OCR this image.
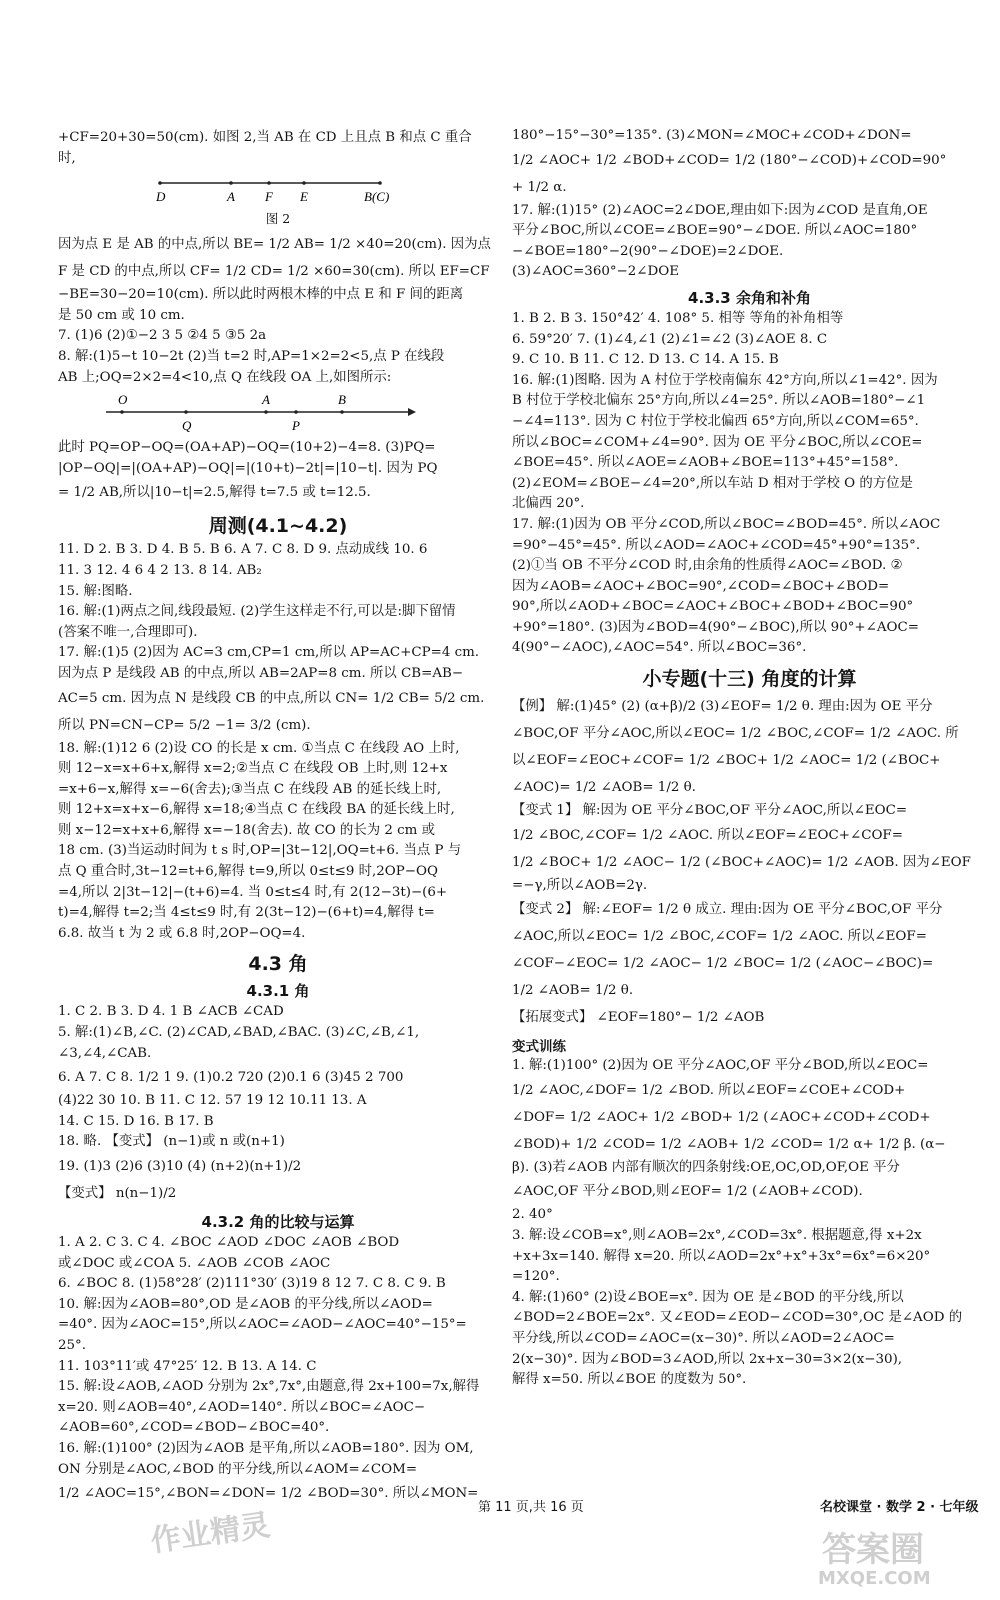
+CF=20+30=50(cm). 如图 2,当 AB 在 CD 上且点 B 和点 C 重合
时,
D	A F E	B(C)
图 2
因为点 E 是 AB 的中点,所以 BE= 1/2 AB= 1/2 ×40=20(cm). 因为点
F 是 CD 的中点,所以 CF= 1/2 CD= 1/2 ×60=30(cm). 所以 EF=CF
−BE=30−20=10(cm). 所以此时两根木棒的中点 E 和 F 间的距离
是 50 cm 或 10 cm.
7. (1)6 (2)①−2 3 5 ②4 5 ③5 2a
8. 解:(1)5−t 10−2t (2)当 t=2 时,AP=1×2=2<5,点 P 在线段
AB 上;OQ=2×2=4<10,点 Q 在线段 OA 上,如图所示:
O	A	B
Q	P
此时 PQ=OP−OQ=(OA+AP)−OQ=(10+2)−4=8. (3)PQ=
|OP−OQ|=|(OA+AP)−OQ|=|(10+t)−2t|=|10−t|. 因为 PQ
= 1/2 AB,所以|10−t|=2.5,解得 t=7.5 或 t=12.5.
周测(4.1~4.2)
11. D 2. B 3. D 4. B 5. B 6. A 7. C 8. D 9. 点动成线 10. 6
11. 3 12. 4 6 4 2 13. 8 14. AB₂
15. 解:图略.
16. 解:(1)两点之间,线段最短. (2)学生这样走不行,可以是:脚下留情
(答案不唯一,合理即可).
17. 解:(1)5 (2)因为 AC=3 cm,CP=1 cm,所以 AP=AC+CP=4 cm.
因为点 P 是线段 AB 的中点,所以 AB=2AP=8 cm. 所以 CB=AB−
AC=5 cm. 因为点 N 是线段 CB 的中点,所以 CN= 1/2 CB= 5/2 cm.
所以 PN=CN−CP= 5/2 −1= 3/2 (cm).
18. 解:(1)12 6 (2)设 CO 的长是 x cm. ①当点 C 在线段 AO 上时,
则 12−x=x+6+x,解得 x=2;②当点 C 在线段 OB 上时,则 12+x
=x+6−x,解得 x=−6(舍去);③当点 C 在线段 AB 的延长线上时,
则 12+x=x+x−6,解得 x=18;④当点 C 在线段 BA 的延长线上时,
则 x−12=x+x+6,解得 x=−18(舍去). 故 CO 的长为 2 cm 或
18 cm. (3)当运动时间为 t s 时,OP=|3t−12|,OQ=t+6. 当点 P 与
点 Q 重合时,3t−12=t+6,解得 t=9,所以 0≤t≤9 时,2OP−OQ
=4,所以 2|3t−12|−(t+6)=4. 当 0≤t≤4 时,有 2(12−3t)−(6+
t)=4,解得 t=2;当 4≤t≤9 时,有 2(3t−12)−(6+t)=4,解得 t=
6.8. 故当 t 为 2 或 6.8 时,2OP−OQ=4.
4.3 角
4.3.1 角
1. C 2. B 3. D 4. 1 B ∠ACB ∠CAD
5. 解:(1)∠B,∠C. (2)∠CAD,∠BAD,∠BAC. (3)∠C,∠B,∠1,
∠3,∠4,∠CAB.
6. A 7. C 8. 1/2 1 9. (1)0.2 720 (2)0.1 6 (3)45 2 700
(4)22 30 10. B 11. C 12. 57 19 12 10.11 13. A
14. C 15. D 16. B 17. B
18. 略. 【变式】 (n−1)或 n 或(n+1)
19. (1)3 (2)6 (3)10 (4) (n+2)(n+1)/2
【变式】 n(n−1)/2
4.3.2 角的比较与运算
1. A 2. C 3. C 4. ∠BOC ∠AOD ∠DOC ∠AOB ∠BOD
或∠DOC 或∠COA 5. ∠AOB ∠COB ∠AOC
6. ∠BOC 8. (1)58°28′ (2)111°30′ (3)19 8 12 7. C 8. C 9. B
10. 解:因为∠AOB=80°,OD 是∠AOB 的平分线,所以∠AOD=
=40°. 因为∠AOC=15°,所以∠AOC=∠AOD−∠AOC=40°−15°=
25°.
11. 103°11′或 47°25′ 12. B 13. A 14. C
15. 解:设∠AOB,∠AOD 分别为 2x°,7x°,由题意,得 2x+100=7x,解得
x=20. 则∠AOB=40°,∠AOD=140°. 所以∠BOC=∠AOC−
∠AOB=60°,∠COD=∠BOD−∠BOC=40°.
16. 解:(1)100° (2)因为∠AOB 是平角,所以∠AOB=180°. 因为 OM,
ON 分别是∠AOC,∠BOD 的平分线,所以∠AOM=∠COM=
1/2 ∠AOC=15°,∠BON=∠DON= 1/2 ∠BOD=30°. 所以∠MON=
180°−15°−30°=135°. (3)∠MON=∠MOC+∠COD+∠DON=
1/2 ∠AOC+ 1/2 ∠BOD+∠COD= 1/2 (180°−∠COD)+∠COD=90°
+ 1/2 α.
17. 解:(1)15° (2)∠AOC=2∠DOE,理由如下:因为∠COD 是直角,OE
平分∠BOC,所以∠COE=∠BOE=90°−∠DOE. 所以∠AOC=180°
−∠BOE=180°−2(90°−∠DOE)=2∠DOE.
(3)∠AOC=360°−2∠DOE
4.3.3 余角和补角
1. B 2. B 3. 150°42′ 4. 108° 5. 相等 等角的补角相等
6. 59°20′ 7. (1)∠4,∠1 (2)∠1=∠2 (3)∠AOE 8. C
9. C 10. B 11. C 12. D 13. C 14. A 15. B
16. 解:(1)图略. 因为 A 村位于学校南偏东 42°方向,所以∠1=42°. 因为
B 村位于学校北偏东 25°方向,所以∠4=25°. 所以∠AOB=180°−∠1
−∠4=113°. 因为 C 村位于学校北偏西 65°方向,所以∠COM=65°.
所以∠BOC=∠COM+∠4=90°. 因为 OE 平分∠BOC,所以∠COE=
∠BOE=45°. 所以∠AOE=∠AOB+∠BOE=113°+45°=158°.
(2)∠EOM=∠BOE−∠4=20°,所以车站 D 相对于学校 O 的方位是
北偏西 20°.
17. 解:(1)因为 OB 平分∠COD,所以∠BOC=∠BOD=45°. 所以∠AOC
=90°−45°=45°. 所以∠AOD=∠AOC+∠COD=45°+90°=135°.
(2)①当 OB 不平分∠COD 时,由余角的性质得∠AOC=∠BOD. ②
因为∠AOB=∠AOC+∠BOC=90°,∠COD=∠BOC+∠BOD=
90°,所以∠AOD+∠BOC=∠AOC+∠BOC+∠BOD+∠BOC=90°
+90°=180°. (3)因为∠BOD=4(90°−∠BOC),所以 90°+∠AOC=
4(90°−∠AOC),∠AOC=54°. 所以∠BOC=36°.
小专题(十三) 角度的计算
【例】 解:(1)45° (2) (α+β)/2 (3)∠EOF= 1/2 θ. 理由:因为 OE 平分
∠BOC,OF 平分∠AOC,所以∠EOC= 1/2 ∠BOC,∠COF= 1/2 ∠AOC. 所
以∠EOF=∠EOC+∠COF= 1/2 ∠BOC+ 1/2 ∠AOC= 1/2 (∠BOC+
∠AOC)= 1/2 ∠AOB= 1/2 θ.
【变式 1】 解:因为 OE 平分∠BOC,OF 平分∠AOC,所以∠EOC=
1/2 ∠BOC,∠COF= 1/2 ∠AOC. 所以∠EOF=∠EOC+∠COF=
1/2 ∠BOC+ 1/2 ∠AOC− 1/2 (∠BOC+∠AOC)= 1/2 ∠AOB. 因为∠EOF
=−γ,所以∠AOB=2γ.
【变式 2】 解:∠EOF= 1/2 θ 成立. 理由:因为 OE 平分∠BOC,OF 平分
∠AOC,所以∠EOC= 1/2 ∠BOC,∠COF= 1/2 ∠AOC. 所以∠EOF=
∠COF−∠EOC= 1/2 ∠AOC− 1/2 ∠BOC= 1/2 (∠AOC−∠BOC)=
1/2 ∠AOB= 1/2 θ.
【拓展变式】 ∠EOF=180°− 1/2 ∠AOB
变式训练
1. 解:(1)100° (2)因为 OE 平分∠AOC,OF 平分∠BOD,所以∠EOC=
1/2 ∠AOC,∠DOF= 1/2 ∠BOD. 所以∠EOF=∠COE+∠COD+
∠DOF= 1/2 ∠AOC+ 1/2 ∠BOD+ 1/2 (∠AOC+∠COD+∠COD+
∠BOD)+ 1/2 ∠COD= 1/2 ∠AOB+ 1/2 ∠COD= 1/2 α+ 1/2 β. (α−
β). (3)若∠AOB 内部有顺次的四条射线:OE,OC,OD,OF,OE 平分
∠AOC,OF 平分∠BOD,则∠EOF= 1/2 (∠AOB+∠COD).
2. 40°
3. 解:设∠COB=x°,则∠AOB=2x°,∠COD=3x°. 根据题意,得 x+2x
+x+3x=140. 解得 x=20. 所以∠AOD=2x°+x°+3x°=6x°=6×20°
=120°.
4. 解:(1)60° (2)设∠BOE=x°. 因为 OE 是∠BOD 的平分线,所以
∠BOD=2∠BOE=2x°. 又∠EOD=∠EOD−∠COD=30°,OC 是∠AOD 的
平分线,所以∠COD=∠AOC=(x−30)°. 所以∠AOD=2∠AOC=
2(x−30)°. 因为∠BOD=3∠AOD,所以 2x+x−30=3×2(x−30),
解得 x=50. 所以∠BOE 的度数为 50°.
第 11 页,共 16 页	名校课堂 · 数学 2 · 七年级
作业精灵	答案圈
MXQE.COM
